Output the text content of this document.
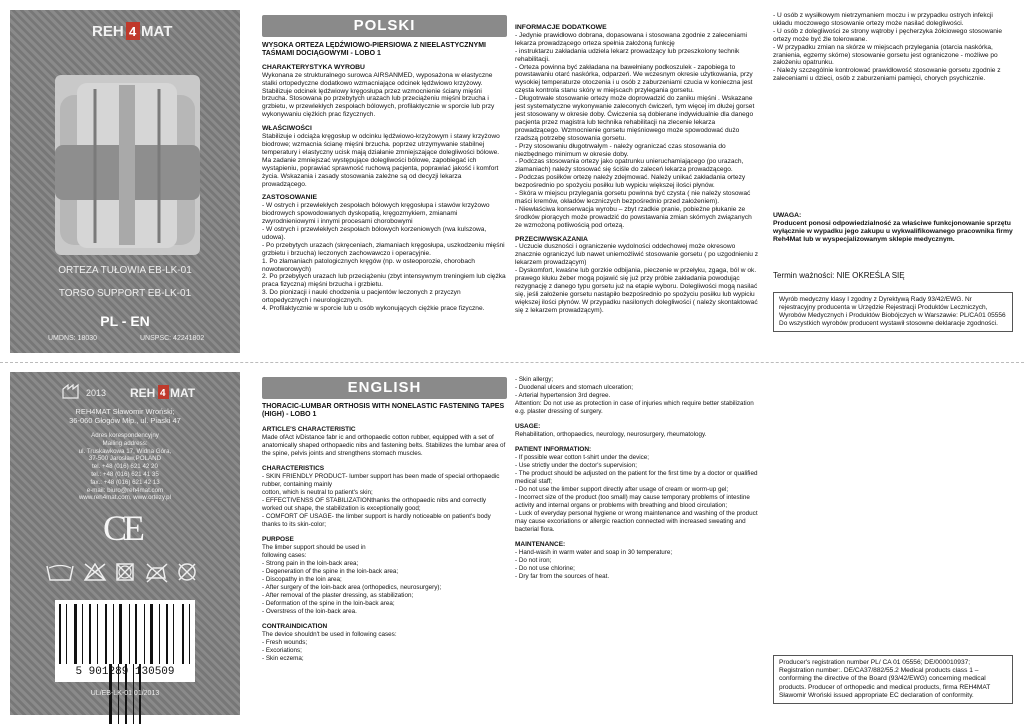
REH 4 MAT
ORTEZA TUŁOWIA EB-LK-01
TORSO SUPPORT EB-LK-01
PL - EN
UMDNS: 18030	UNSPSC: 42241802
POLSKI

WYSOKA ORTEZA LĘDŹWIOWO-PIERSIOWA Z NIEELASTYCZNYMI TAŚMAMI DOCIĄGOWYMI - LOBO 1

CHARAKTERYSTYKA WYROBU

Wykonana ze strukturalnego surowca AIRSANMED, wyposażona w elastyczne stalki ortopedyczne dodatkowo wzmacniające odcinek lędźwiowo krzyżowy. Stabilizuje odcinek lędźwiowy kręgosłupa przez wzmocnienie ściany mięśni brzucha. Stosowana po przebytych urazach lub przeciążeniu mięśni brzucha i grzbietu, w przewlekłych zespołach bólowych, profilaktycznie w sporcie lub przy wykonywaniu ciężkich prac fizycznych.

WŁAŚCIWOŚCI

Stabilizuje i odciąża kręgosłup w odcinku lędźwiowo-krzyżowym i stawy krzyżowo biodrowe; wzmacnia ścianę mięśni brzucha. poprzez utrzymywanie stabilnej temperatury i elastyczny ucisk mają działanie zmniejszające dolegliwości bólowe. Ma zadanie zmniejszać występujące dolegliwości bólowe, zapobiegać ich wystąpieniu, poprawiać sprawność ruchową pacjenta, poprawiać jakość i komfort życia. Wskazania i zasady stosowania zależne są od decyzji lekarza prowadzącego.

ZASTOSOWANIE

- W ostrych i przewlekłych zespołach bólowych kręgosłupa i stawów krzyżowo biodrowych spowodowanych dyskopatią, kręgozmykiem, zmianami zwyrodnieniowymi i innymi procesami chorobowymi

- W ostrych i przewlekłych zespołach bólowych korzeniowych (rwa kulszowa, udowa).

- Po przebytych urazach (skręceniach, złamaniach kręgosłupa, uszkodzeniu mięśni grzbietu i brzucha) leczonych zachowawczo i operacyjnie.

1. Po złamaniach patologicznych kręgów (np. w osteoporozie, chorobach nowotworowych)

2. Po przebytych urazach lub przeciążeniu (zbyt intensywnym treningiem lub ciężka praca fizyczna) mięśni brzucha i grzbietu.

3. Do pionizacji i nauki chodzenia u pacjentów leczonych z przyczyn ortopedycznych i neurologicznych.

4. Profilaktycznie w sporcie lub u osób wykonujących ciężkie prace fizyczne.

INFORMACJE DODATKOWE

- Jedynie prawidłowo dobrana, dopasowana i stosowana zgodnie z zaleceniami lekarza prowadzącego orteza spełnia założoną funkcję

- instruktarzu zakładania udziela lekarz prowadzący lub przeszkolony technik rehabilitacji.

- Orteza powinna być zakładana na bawełniany podkoszulek - zapobiega to powstawaniu otarć naskórka, odparzeń. We wczesnym okresie użytkowania, przy wysokiej temperaturze otoczenia i u osób z zaburzeniami czucia w konieczna jest częsta kontrola stanu skóry w miejscach przylegania gorsetu.

- Długotrwałe stosowanie ortezy może doprowadzić do zaniku mięśni . Wskazane jest systematyczne wykonywanie zaleconych ćwiczeń, tym więcej im dłużej gorset jest stosowany w okresie doby. Ćwiczenia są dobierane indywidualnie dla danego pacjenta przez magistra lub technika rehabilitacji na zlecenie lekarza prowadzącego. Wzmocnienie gorsetu mięśniowego może spowodować dużo rzadszą potrzebę stosowania gorsetu.

- Przy stosowaniu długotrwałym - należy ograniczać czas stosowania do niezbędnego minimum w okresie doby.

- Podczas stosowania ortezy jako opatrunku unieruchamiającego (po urazach, złamaniach) należy stosować się ściśle do zaleceń lekarza prowadzącego.

- Podczas posiłków ortezę należy zdejmować. Należy unikać zakładania ortezy bezpośrednio po spożyciu posiłku lub wypiciu większej ilości płynów.

- Skóra w miejscu przylegania gorsetu powinna być czysta ( nie należy stosować maści kremów, okładów leczniczych bezpośrednio przed założeniem).

- Niewłaściwa konserwacja wyrobu – zbyt rzadkie pranie, pobieżne płukanie ze środków piorących może prowadzić do powstawania zmian skórnych związanych ze wzmożoną potliwością pod ortezą.

PRZECIWWSKAZANIA

- Uczucie duszności i ograniczenie wydolności oddechowej może okresowo znacznie ograniczyć lub nawet uniemożliwić stosowanie gorsetu ( po uzgodnieniu z lekarzem prowadzącym)

- Dyskomfort, kwaśne lub gorzkie odbijania, pieczenie w przełyku, zgaga, ból w ok. prawego kłuku żeber mogą pojawić się już przy próbie zakładania powodując rezygnację z danego typu gorsetu już na etapie wyboru. Dolegliwości mogą nasilać się, jeśli założenie gorsetu nastąpiło bezpośrednio po spożyciu posiłku lub wypiciu większej ilości płynów. W przypadku nasilonych dolegliwości ( należy skontaktować się z lekarzem prowadzącym).

- U osób z wysiłkowym nietrzymaniem moczu i w przypadku ostrych infekcji układu moczowego stosowanie ortezy może nasilać dolegliwości.

- U osób z dolegliwości ze strony wątroby i pęcherzyka żółciowego stosowanie ortezy może być źle tolerowane.

- W przypadku zmian na skórze w miejscach przylegania (otarcia naskórka, zranienia, egzemy skórne) stosowanie gorsetu jest ograniczone - możliwe po założeniu opatrunku.

- Należy szczególnie kontrolować prawidłowość stosowanie gorsetu zgodnie z zaleceniami u dzieci, osób z zaburzeniami pamięci, chorych psychicznie.

UWAGA:

Producent ponosi odpowiedzialność za właściwe funkcjonowanie sprzętu wyłącznie w wypadku jego zakupu u wykwalifikowanego pracownika firmy Reh4Mat lub w wyspecjalizowanym sklepie medycznym.

Termin ważności: NIE OKREŚLA SIĘ
Wyrób medyczny klasy I zgodny z Dyrektywą Rady 93/42/EWG. Nr rejestracyjny producenta w Urzędzie Rejestracji Produktów Leczniczych, Wyrobów Medycznych i Produktów Biobójczych w Warszawie: PL/CA01 05556 Do wszystkich wyrobów producent wystawił stosowne deklaracje zgodności.
2013 REH 4 MAT
REH4MAT Sławomir Wroński;
36-060 Głogów Młp., ul. Piaski 47
Adres korespondencyjny
Mailing address:
ul. Truskawkowa 17, Widna Góra,
37-500 Jarosław,POLAND
tel. +48 (016) 621 42 20
tel.: +48 (016) 621 41 35
fax.: +48 (016) 621 42 13
e-mail: biuro@reh4mat.com
www.reh4mat.com, www.ortezy.pl
CE

5 901289 130509
UL/EB-LK-01 01/2013
ENGLISH

THORACIC-LUMBAR ORTHOSIS WITH NONELASTIC FASTENING TAPES (HIGH) - LOBO 1

ARTICLE'S CHARACTERISTIC

Made ofAct ivDistance fabr ic and orthopaedic cotton rubber, equipped with a set of anatomically shaped orthopaedic nibs and fastening belts. Stabilizes the lumbar area of the spine, pelvis joints and strengthens stomach muscles.

CHARACTERISTICS

- SKIN FRIENDLY PRODUCT- lumber support has been made of special orthopaedic rubber, containing mainly

cotton, which is neutral to patient's skin;

- EFFECTIVENSS OF STABILIZATIONthanks the orthopaedic nibs and correctly worked out shape, the stabilization is exceptionally good;

- COMFORT OF USAGE- the limber support is hardly noticeable on patient's body thanks to its skin-color;

PURPOSE

The limber support should be used in

following cases:

- Strong pain in the loin-back area;

- Degeneration of the spine in the loin-back area;

- Discopathy in the loin area;

- After surgery of the loin-back area (orthopedics, neurosurgery);

- After removal of the plaster dressing, as stabilization;

- Deformation of the spine in the loin-back area;

- Overstress of the loin-back area.

CONTRAINDICATION

The device shouldn't be used in following cases:

- Fresh wounds;

- Excoriations;

- Skin eczema;

- Skin allergy;

- Duodenal ulcers and stomach ulceration;

- Arterial hypertension 3rd degree.

Attention: Do not use as protection in case of injuries which require better stabilization e.g. plaster dressing of surgery.

USAGE:

Rehabilitation, orthopaedics, neurology, neurosurgery, rheumatology.

PATIENT INFORMATION:

- If possible wear cotton t-shirt under the device;

- Use strictly under the doctor's supervision;

- The product should be adjusted on the patient for the first time by a doctor or qualified medical staff;

- Do not use the limber support directly after usage of cream or worm-up gel;

- Incorrect size of the product (too small) may cause temporary problems of intestine activity and internal organs or problems with breathing and blood circulation;

- Luck of everyday personal hygiene or wrong maintenance and washing of the product may cause excoriations or allergic reaction connected with increased sweating and bacterial flora.

MAINTENANCE:

- Hand-wash in warm water and soap in 30 temperature;

- Do not iron;

- Do not use chlorine;

- Dry far from the sources of heat.

Producer's registration number PL/ CA 01 05556; DE/000010937; Registration number:. DE/CA37/882/55.2 Medical products class 1 – conforming the directive of the Board (93/42/EWG) concerning medical products. Producer of orthopedic and medical products, firma REH4MAT Sławomir Wroński issued appropriate EC declaration of conformity.
